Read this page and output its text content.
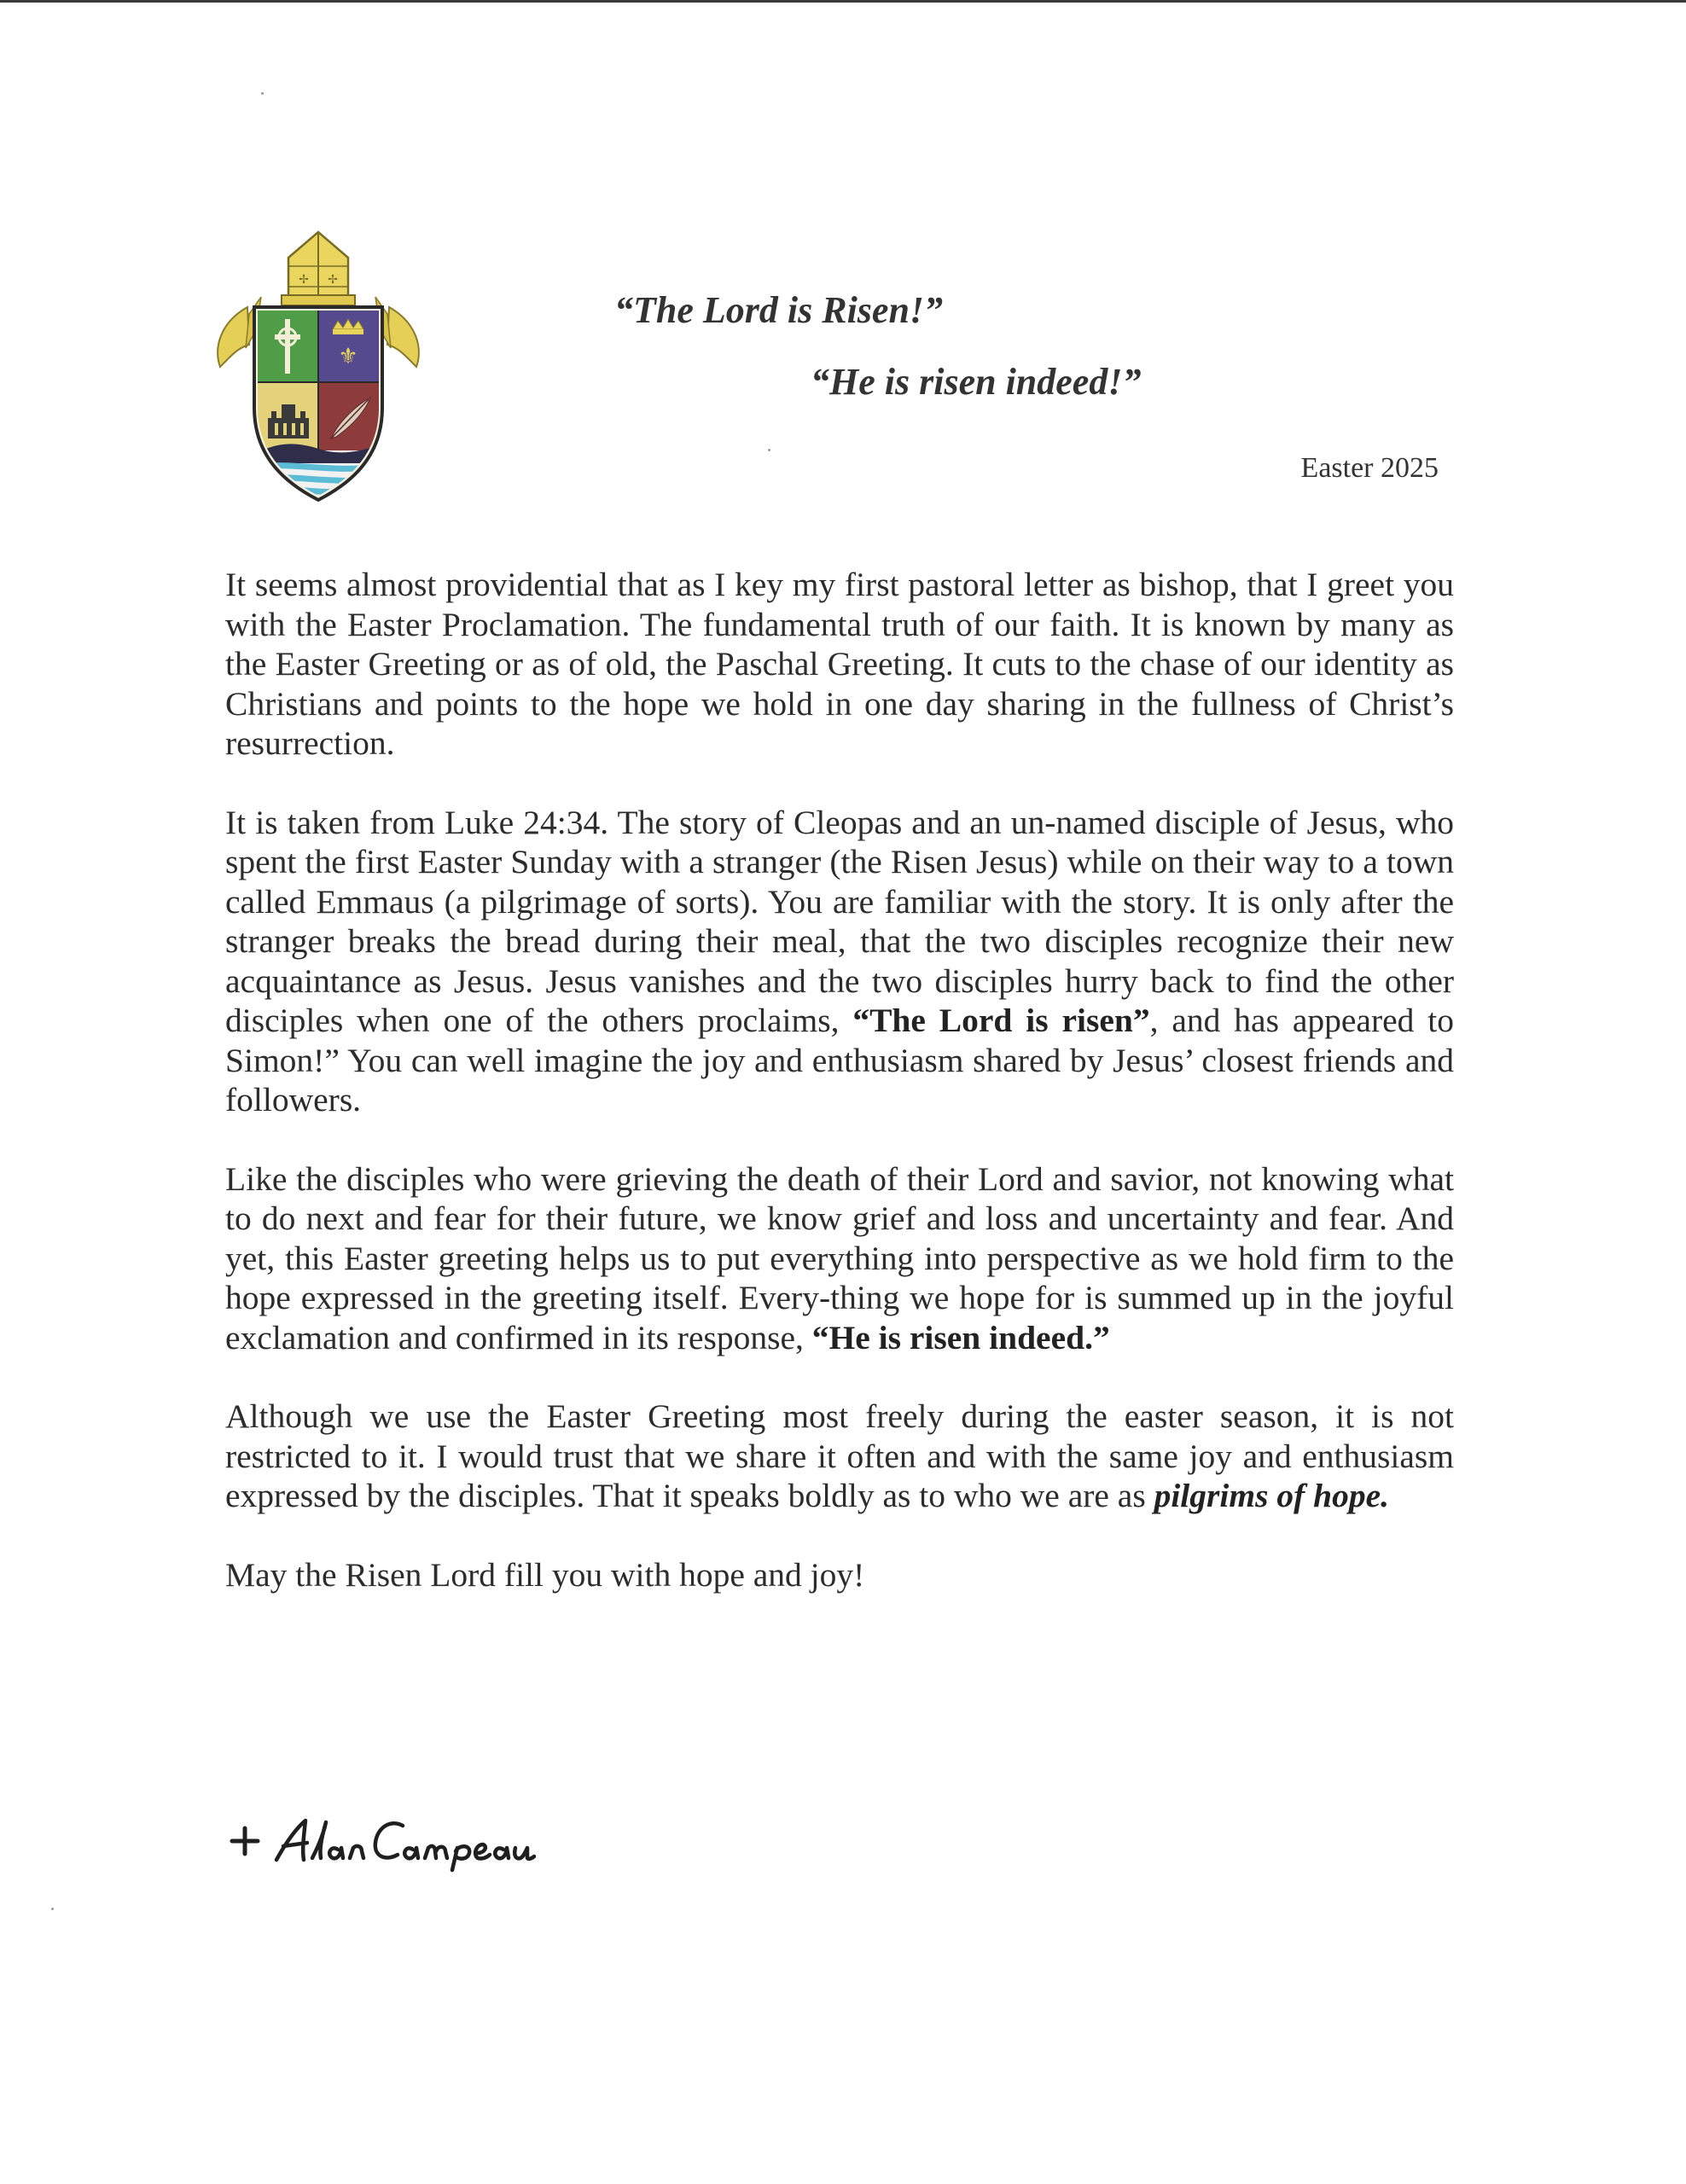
✢ ✢
⚜
“The Lord is Risen!”
“He is risen indeed!”
Easter 2025

It seems almost providential that as I key my first pastoral letter as bishop, that I greet you with the Easter Proclamation. The fundamental truth of our faith. It is known by many as the Easter Greeting or as of old, the Paschal Greeting. It cuts to the chase of our identity as Christians and points to the hope we hold in one day sharing in the fullness of Christ’s resurrection.

It is taken from Luke 24:34. The story of Cleopas and an un-named disciple of Jesus, who spent the first Easter Sunday with a stranger (the Risen Jesus) while on their way to a town called Emmaus (a pilgrimage of sorts). You are familiar with the story. It is only after the stranger breaks the bread during their meal, that the two disciples recognize their new acquaintance as Jesus. Jesus vanishes and the two disciples hurry back to find the other disciples when one of the others proclaims, “The Lord is risen”, and has appeared to Simon!” You can well imagine the joy and enthusiasm shared by Jesus’ closest friends and followers.

Like the disciples who were grieving the death of their Lord and savior, not knowing what to do next and fear for their future, we know grief and loss and uncertainty and fear. And yet, this Easter greeting helps us to put everything into perspective as we hold firm to the hope expressed in the greeting itself. Every-thing we hope for is summed up in the joyful exclamation and confirmed in its response, “He is risen indeed.”

Although we use the Easter Greeting most freely during the easter season, it is not restricted to it. I would trust that we share it often and with the same joy and enthusiasm expressed by the disciples. That it speaks boldly as to who we are as pilgrims of hope.

May the Risen Lord fill you with hope and joy!
